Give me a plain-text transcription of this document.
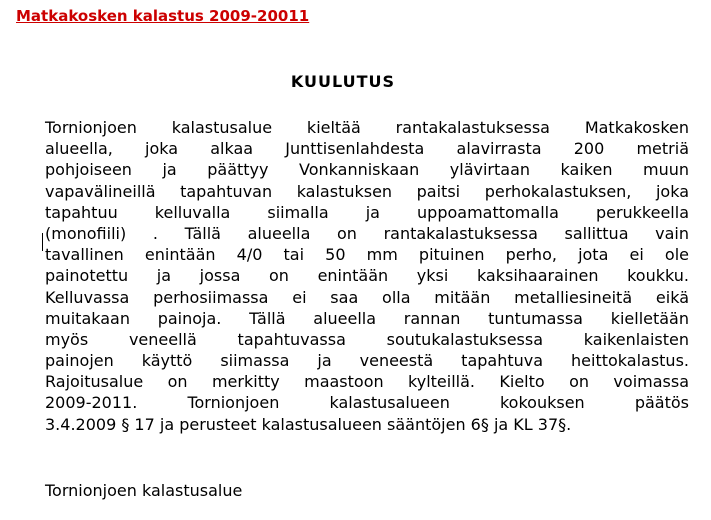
Matkakosken kalastus 2009-20011
KUULUTUS
Tornionjoen kalastusalue kieltää rantakalastuksessa Matkakosken
alueella, joka alkaa Junttisenlahdesta alavirrasta 200 metriä
pohjoiseen ja päättyy Vonkanniskaan ylävirtaan kaiken muun
vapavälineillä tapahtuvan kalastuksen paitsi perhokalastuksen, joka
tapahtuu kelluvalla siimalla ja uppoamattomalla perukkeella
(monofiili) . Tällä alueella on rantakalastuksessa sallittua vain
tavallinen enintään 4/0 tai 50 mm pituinen perho, jota ei ole
painotettu ja jossa on enintään yksi kaksihaarainen koukku.
Kelluvassa perhosiimassa ei saa olla mitään metalliesineitä eikä
muitakaan painoja. Tällä alueella rannan tuntumassa kielletään
myös veneellä tapahtuvassa soutukalastuksessa kaikenlaisten
painojen käyttö siimassa ja veneestä tapahtuva heittokalastus.
Rajoitusalue on merkitty maastoon kylteillä. Kielto on voimassa
2009-2011. Tornionjoen kalastusalueen kokouksen päätös
3.4.2009 § 17 ja perusteet kalastusalueen sääntöjen 6§ ja KL 37§.
Tornionjoen kalastusalue
